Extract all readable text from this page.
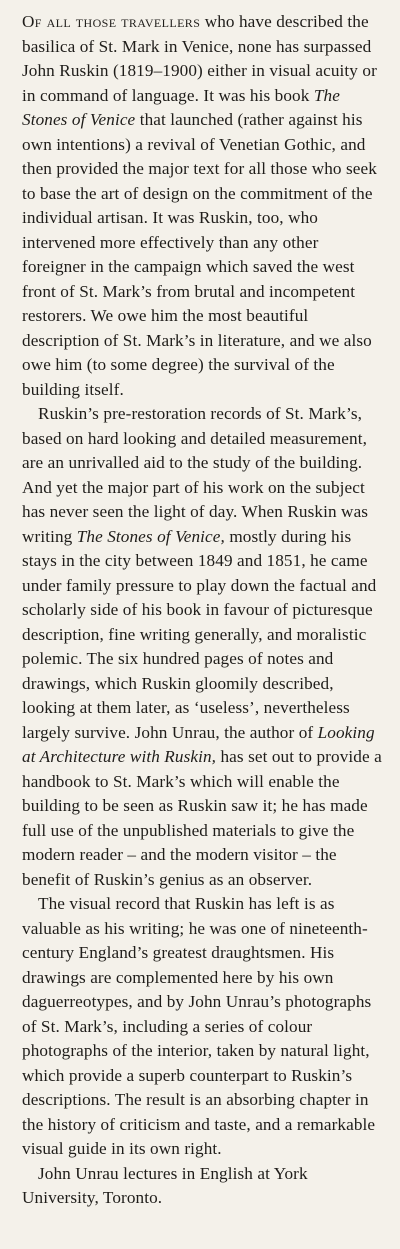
Of all those travellers who have described the basilica of St. Mark in Venice, none has surpassed John Ruskin (1819–1900) either in visual acuity or in command of language. It was his book The Stones of Venice that launched (rather against his own intentions) a revival of Venetian Gothic, and then provided the major text for all those who seek to base the art of design on the commitment of the individual artisan. It was Ruskin, too, who intervened more effectively than any other foreigner in the campaign which saved the west front of St. Mark’s from brutal and incompetent restorers. We owe him the most beautiful description of St. Mark’s in literature, and we also owe him (to some degree) the survival of the building itself.

Ruskin’s pre-restoration records of St. Mark’s, based on hard looking and detailed measurement, are an unrivalled aid to the study of the building. And yet the major part of his work on the subject has never seen the light of day. When Ruskin was writing The Stones of Venice, mostly during his stays in the city between 1849 and 1851, he came under family pressure to play down the factual and scholarly side of his book in favour of picturesque description, fine writing generally, and moralistic polemic. The six hundred pages of notes and drawings, which Ruskin gloomily described, looking at them later, as ‘useless’, nevertheless largely survive. John Unrau, the author of Looking at Architecture with Ruskin, has set out to provide a handbook to St. Mark’s which will enable the building to be seen as Ruskin saw it; he has made full use of the unpublished materials to give the modern reader – and the modern visitor – the benefit of Ruskin’s genius as an observer.

The visual record that Ruskin has left is as valuable as his writing; he was one of nineteenth-century England’s greatest draughtsmen. His drawings are complemented here by his own daguerreotypes, and by John Unrau’s photographs of St. Mark’s, including a series of colour photographs of the interior, taken by natural light, which provide a superb counterpart to Ruskin’s descriptions. The result is an absorbing chapter in the history of criticism and taste, and a remarkable visual guide in its own right.

John Unrau lectures in English at York University, Toronto.
